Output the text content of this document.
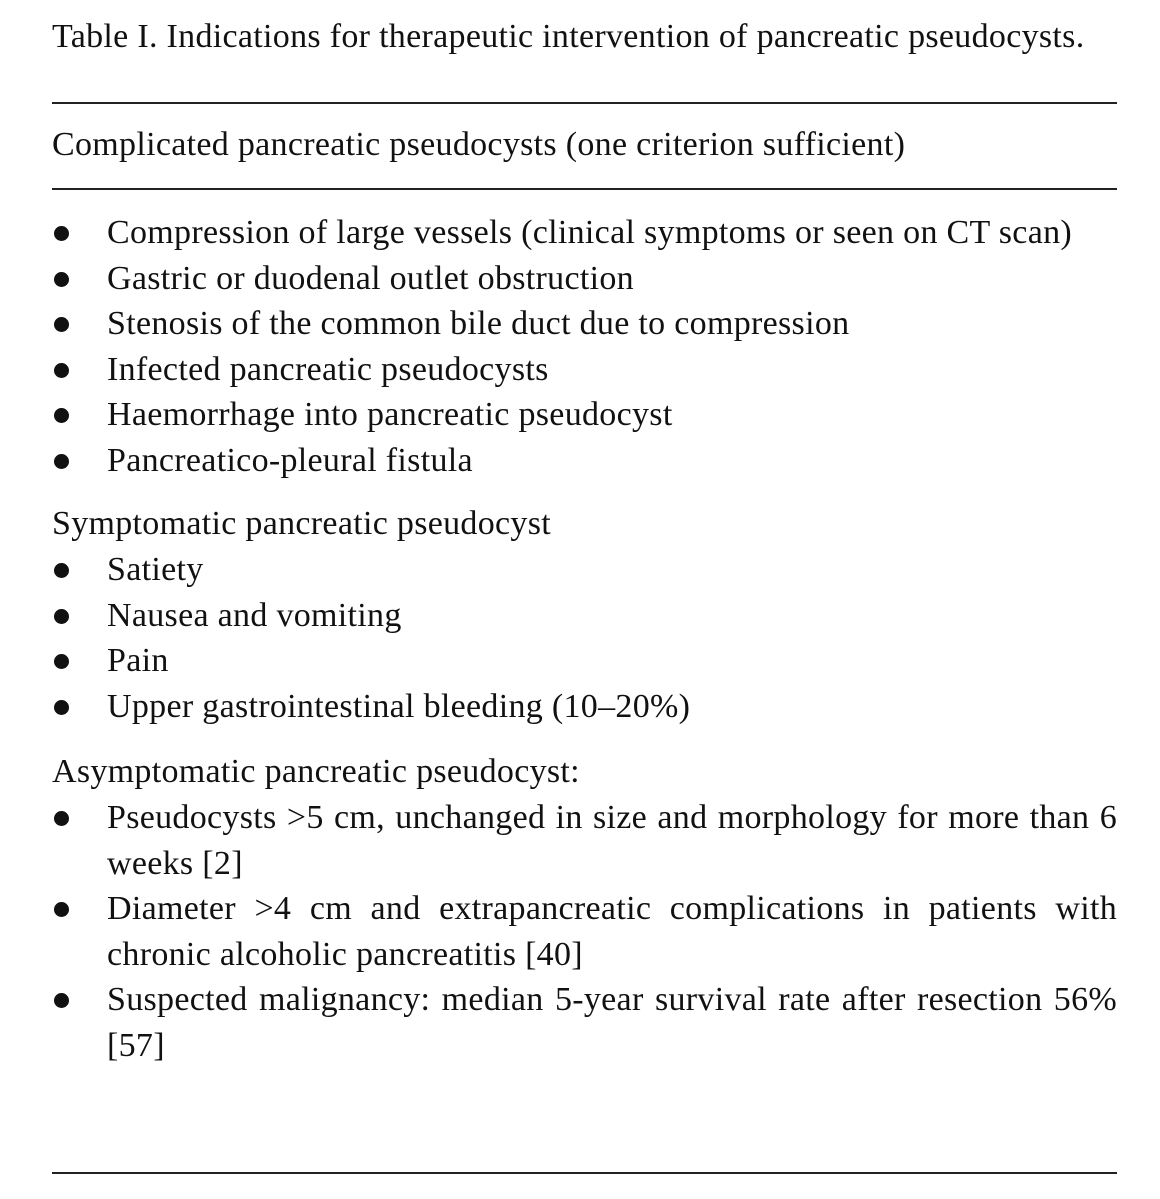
Table I. Indications for therapeutic intervention of pancreatic pseudocysts.

Complicated pancreatic pseudocysts (one criterion sufficient)
Compression of large vessels (clinical symptoms or seen on CT scan)
Gastric or duodenal outlet obstruction
Stenosis of the common bile duct due to compression
Infected pancreatic pseudocysts
Haemorrhage into pancreatic pseudocyst
Pancreatico-pleural fistula

Symptomatic pancreatic pseudocyst

Satiety
Nausea and vomiting
Pain
Upper gastrointestinal bleeding (10–20%)

Asymptomatic pancreatic pseudocyst:

Pseudocysts >5 cm, unchanged in size and morphology for more than 6 weeks [2]
Diameter >4 cm and extrapancreatic complications in patients with chronic alcoholic pancreatitis [40]
Suspected malignancy: median 5-year survival rate after resection 56% [57]
